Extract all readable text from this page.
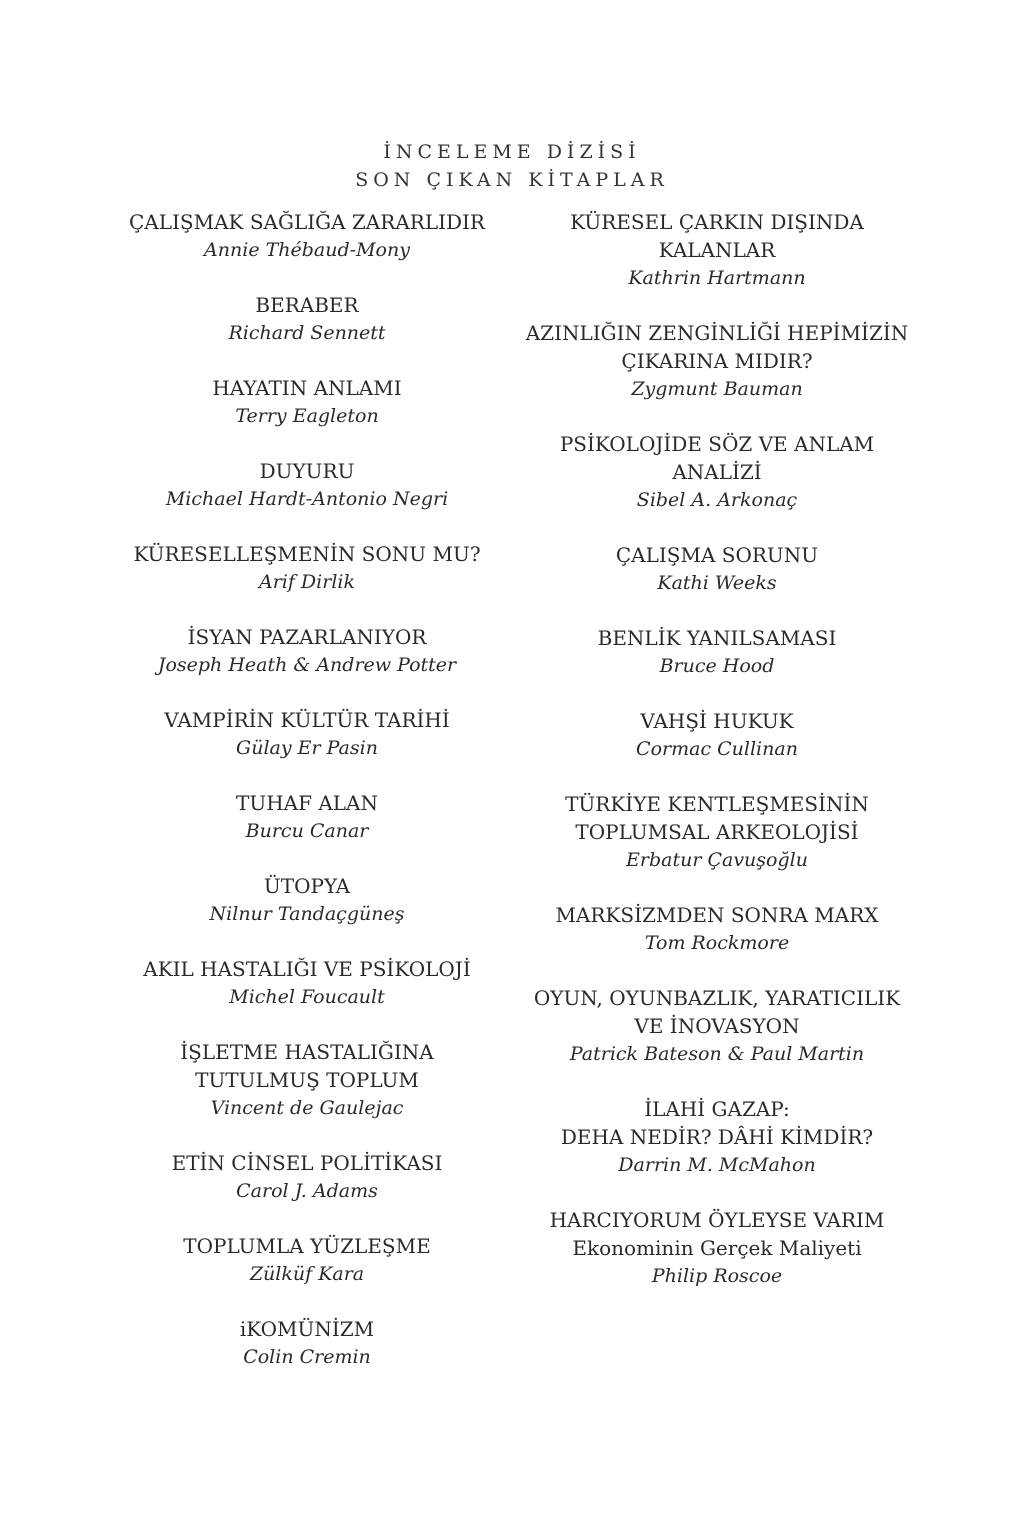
İNCELEME DİZİSİ
SON ÇIKAN KİTAPLAR
ÇALIŞMAK SAĞLIĞA ZARARLIDIR
Annie Thébaud-Mony
BERABER
Richard Sennett
HAYATIN ANLAMI
Terry Eagleton
DUYURU
Michael Hardt-Antonio Negri
KÜRESELLEŞMENİN SONU MU?
Arif Dirlik
İSYAN PAZARLANIYOR
Joseph Heath & Andrew Potter
VAMPİRİN KÜLTÜR TARİHİ
Gülay Er Pasin
TUHAF ALAN
Burcu Canar
ÜTOPYA
Nilnur Tandaçgüneş
AKIL HASTALIĞI VE PSİKOLOJİ
Michel Foucault
İŞLETME HASTALIĞINA
TUTULMUŞ TOPLUM
Vincent de Gaulejac
ETİN CİNSEL POLİTİKASI
Carol J. Adams
TOPLUMLA YÜZLEŞME
Zülküf Kara
iKOMÜNİZM
Colin Cremin
KÜRESEL ÇARKIN DIŞINDA
KALANLAR
Kathrin Hartmann
AZINLIĞIN ZENGİNLİĞİ HEPİMİZİN
ÇIKARINA MIDIR?
Zygmunt Bauman
PSİKOLOJİDE SÖZ VE ANLAM
ANALİZİ
Sibel A. Arkonaç
ÇALIŞMA SORUNU
Kathi Weeks
BENLİK YANILSAMASI
Bruce Hood
VAHŞİ HUKUK
Cormac Cullinan
TÜRKİYE KENTLEŞMESİNİN
TOPLUMSAL ARKEOLOJİSİ
Erbatur Çavuşoğlu
MARKSİZMDEN SONRA MARX
Tom Rockmore
OYUN, OYUNBAZLIK, YARATICILIK
VE İNOVASYON
Patrick Bateson & Paul Martin
İLAHİ GAZAP:
DEHA NEDİR? DÂHİ KİMDİR?
Darrin M. McMahon
HARCIYORUM ÖYLEYSE VARIM
Ekonominin Gerçek Maliyeti
Philip Roscoe
